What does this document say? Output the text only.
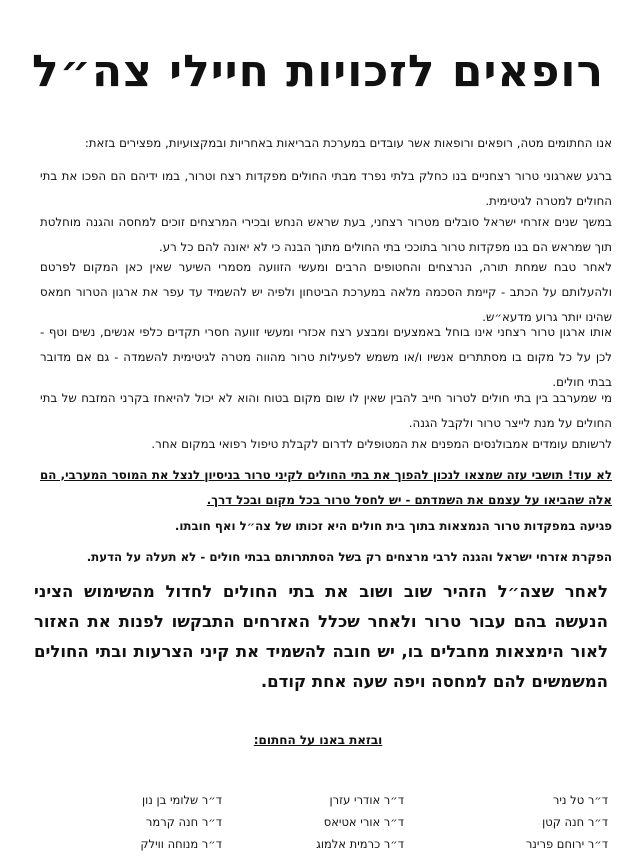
רופאים לזכויות חיילי צה״ל
אנו החתומים מטה, רופאים ורופאות אשר עובדים במערכת הבריאות באחריות ובמקצועיות, מפצירים בזאת:
ברגע שארגוני טרור רצחניים בנו כחלק בלתי נפרד מבתי החולים מפקדות רצח וטרור, במו ידיהם הם הפכו את בתי החולים למטרה לגיטימית.
במשך שנים אזרחי ישראל סובלים מטרור רצחני, בעת שראש הנחש ובכירי המרצחים זוכים למחסה והגנה מוחלטת תוך שמראש הם בנו מפקדות טרור בתוככי בתי החולים מתוך הבנה כי לא יאונה להם כל רע.
לאחר טבח שמחת תורה, הנרצחים והחטופים הרבים ומעשי הזוועה מסמרי השיער שאין כאן המקום לפרטם ולהעלותם על הכתב - קיימת הסכמה מלאה במערכת הביטחון ולפיה יש להשמיד עד עפר את ארגון הטרור חמאס שהינו יותר גרוע מדעא״ש.
אותו ארגון טרור רצחני אינו בוחל באמצעים ומבצע רצח אכזרי ומעשי זוועה חסרי תקדים כלפי אנשים, נשים וטף - לכן על כל מקום בו מסתתרים אנשיו ו/או משמש לפעילות טרור מהווה מטרה לגיטימית להשמדה - גם אם מדובר בבתי חולים.
מי שמערבב בין בתי חולים לטרור חייב להבין שאין לו שום מקום בטוח והוא לא יכול להיאחז בקרני המזבח של בתי החולים על מנת לייצר טרור ולקבל הגנה.
לרשותם עומדים אמבולנסים המפנים את המטופלים לדרום לקבלת טיפול רפואי במקום אחר.
לא עוד! תושבי עזה שמצאו לנכון להפוך את בתי החולים לקיני טרור בניסיון לנצל את המוסר המערבי, הם אלה שהביאו על עצמם את השמדתם - יש לחסל טרור בכל מקום ובכל דרך.
פגיעה במפקדות טרור הנמצאות בתוך בית חולים היא זכותו של צה״ל ואף חובתו.
הפקרת אזרחי ישראל והגנה לרבי מרצחים רק בשל הסתתרותם בבתי חולים - לא תעלה על הדעת.
לאחר שצה״ל הזהיר שוב ושוב את בתי החולים לחדול מהשימוש הציני הנעשה בהם עבור טרור ולאחר שכלל האזרחים התבקשו לפנות את האזור לאור הימצאות מחבלים בו, יש חובה להשמיד את קיני הצרעות ובתי החולים המשמשים להם למחסה ויפה שעה אחת קודם.
ובזאת באנו על החתום:
ד״ר טל ניר
ד״ר אודרי עזרן
ד״ר שלומי בן נון
ד״ר חנה קטן
ד״ר אורי אטיאס
ד״ר חנה קרמר
ד״ר ירוחם פרינר
ד״ר כרמית אלמוג
ד״ר מנוחה ווילק
